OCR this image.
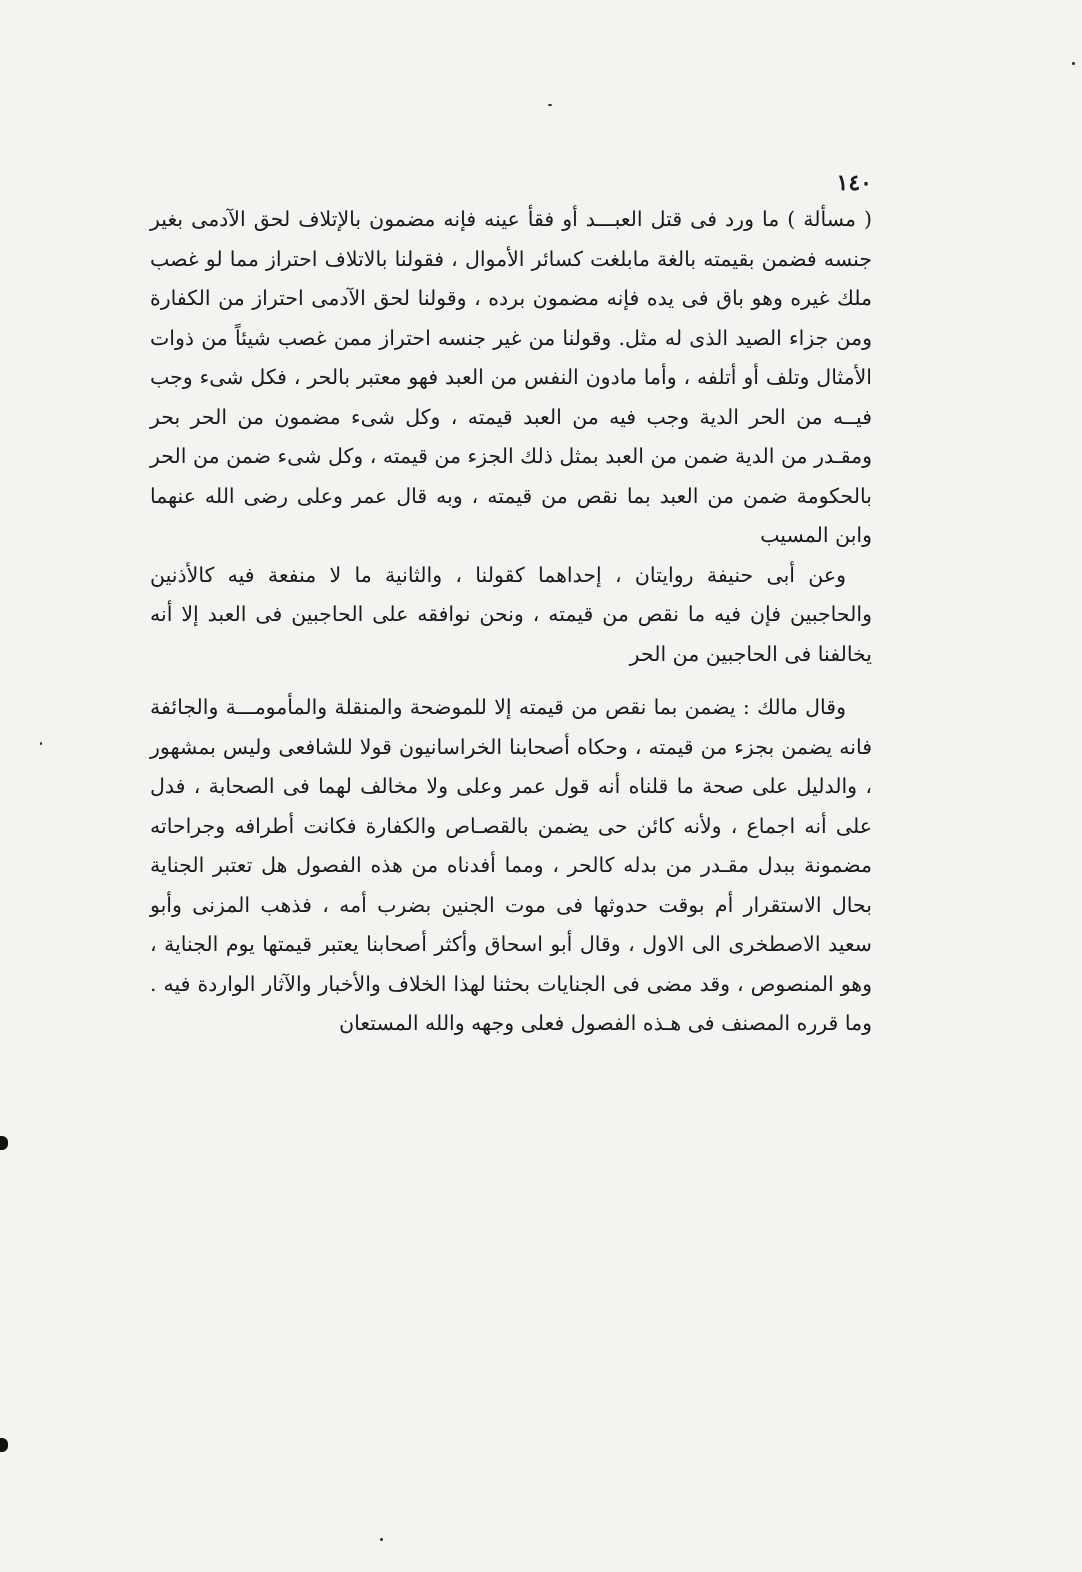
١٤٠

( مسألة ) ما ورد فى قتل العبـــد أو فقأ عينه فإنه مضمون بالإتلاف لحق الآدمى بغير جنسه فضمن بقيمته بالغة مابلغت كسائر الأموال ، فقولنا بالاتلاف احتراز مما لو غصب ملك غيره وهو باق فى يده فإنه مضمون برده ، وقولنا لحق الآدمى احتراز من الكفارة ومن جزاء الصيد الذى له مثل. وقولنا من غير جنسه احتراز ممن غصب شيئاً من ذوات الأمثال وتلف أو أتلفه ، وأما مادون النفس من العبد فهو معتبر بالحر ، فكل شىء وجب فيــه من الحر الدية وجب فيه من العبد قيمته ، وكل شىء مضمون من الحر بحر ومقـدر من الدية ضمن من العبد بمثل ذلك الجزء من قيمته ، وكل شىء ضمن من الحر بالحكومة ضمن من العبد بما نقص من قيمته ، وبه قال عمر وعلى رضى الله عنهما وابن المسيب

وعن أبى حنيفة روايتان ، إحداهما كقولنا ، والثانية ما لا منفعة فيه كالأذنين والحاجبين فإن فيه ما نقص من قيمته ، ونحن نوافقه على الحاجبين فى العبد إلا أنه يخالفنا فى الحاجبين من الحر

وقال مالك : يضمن بما نقص من قيمته إلا للموضحة والمنقلة والمأمومـــة والجائفة فانه يضمن بجزء من قيمته ، وحكاه أصحابنا الخراسانيون قولا للشافعى وليس بمشهور ، والدليل على صحة ما قلناه أنه قول عمر وعلى ولا مخالف لهما فى الصحابة ، فدل على أنه اجماع ، ولأنه كائن حى يضمن بالقصـاص والكفارة فكانت أطرافه وجراحاته مضمونة ببدل مقـدر من بدله كالحر ، ومما أفدناه من هذه الفصول هل تعتبر الجناية بحال الاستقرار أم بوقت حدوثها فى موت الجنين بضرب أمه ، فذهب المزنى وأبو سعيد الاصطخرى الى الاول ، وقال أبو اسحاق وأكثر أصحابنا يعتبر قيمتها يوم الجناية ، وهو المنصوص ، وقد مضى فى الجنايات بحثنا لهذا الخلاف والأخبار والآثار الواردة فيه . وما قرره المصنف فى هـذه الفصول فعلى وجهه والله المستعان
